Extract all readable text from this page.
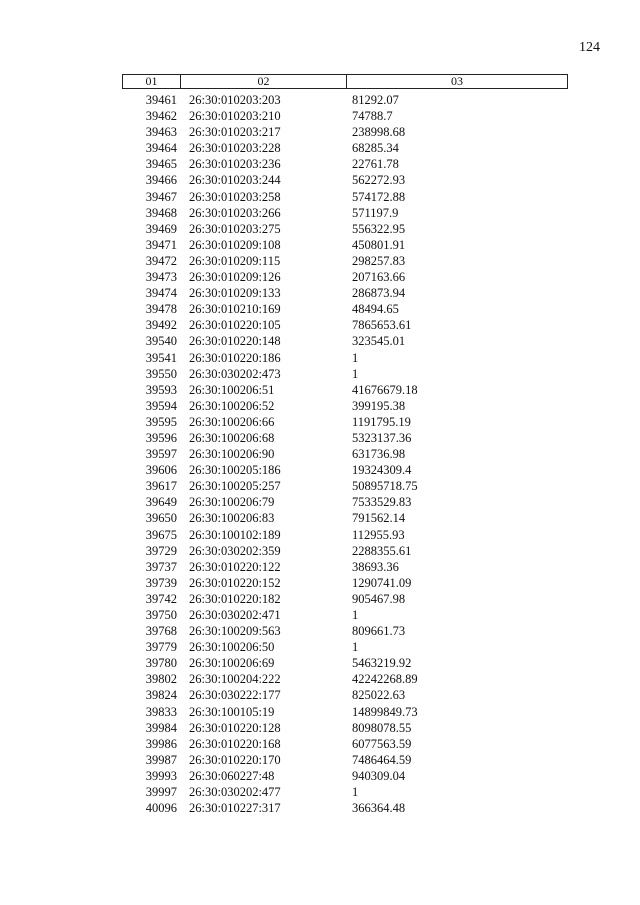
124
01	02	03
39461 26:30:010203:203	81292.07
39462 26:30:010203:210	74788.7
39463 26:30:010203:217	238998.68
39464 26:30:010203:228	68285.34
39465 26:30:010203:236	22761.78
39466 26:30:010203:244	562272.93
39467 26:30:010203:258	574172.88
39468 26:30:010203:266	571197.9
39469 26:30:010203:275	556322.95
39471 26:30:010209:108	450801.91
39472 26:30:010209:115	298257.83
39473 26:30:010209:126	207163.66
39474 26:30:010209:133	286873.94
39478 26:30:010210:169	48494.65
39492 26:30:010220:105	7865653.61
39540 26:30:010220:148	323545.01
39541 26:30:010220:186	1
39550 26:30:030202:473	1
39593 26:30:100206:51	41676679.18
39594 26:30:100206:52	399195.38
39595 26:30:100206:66	1191795.19
39596 26:30:100206:68	5323137.36
39597 26:30:100206:90	631736.98
39606 26:30:100205:186	19324309.4
39617 26:30:100205:257	50895718.75
39649 26:30:100206:79	7533529.83
39650 26:30:100206:83	791562.14
39675 26:30:100102:189	112955.93
39729 26:30:030202:359	2288355.61
39737 26:30:010220:122	38693.36
39739 26:30:010220:152	1290741.09
39742 26:30:010220:182	905467.98
39750 26:30:030202:471	1
39768 26:30:100209:563	809661.73
39779 26:30:100206:50	1
39780 26:30:100206:69	5463219.92
39802 26:30:100204:222	42242268.89
39824 26:30:030222:177	825022.63
39833 26:30:100105:19	14899849.73
39984 26:30:010220:128	8098078.55
39986 26:30:010220:168	6077563.59
39987 26:30:010220:170	7486464.59
39993 26:30:060227:48	940309.04
39997 26:30:030202:477	1
40096 26:30:010227:317	366364.48
